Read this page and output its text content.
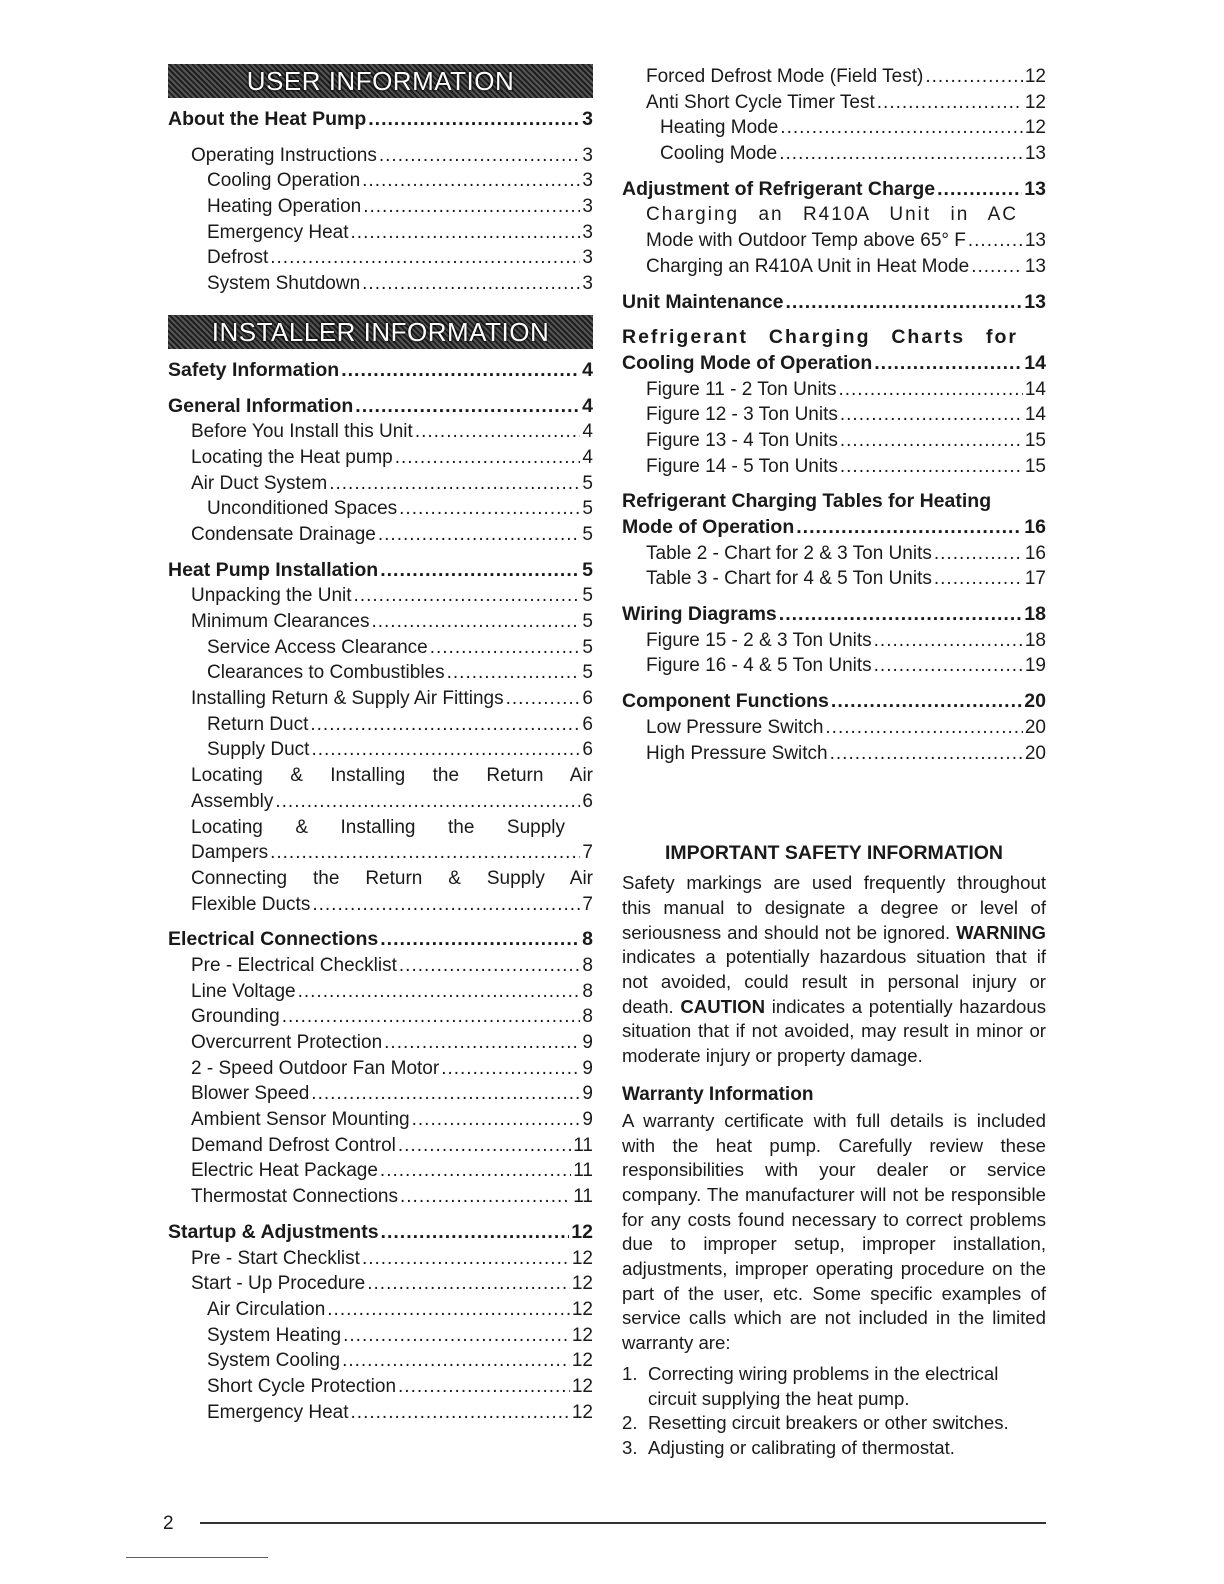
USER INFORMATION
About the Heat Pump .....	3
Operating Instructions .....	3
Cooling Operation .....	3
Heating Operation .....	3
Emergency Heat .....	3
Defrost .....	3
System Shutdown .....	3
INSTALLER INFORMATION
Safety Information .....	4
General Information .....	4
Before You Install this Unit .....	4
Locating the Heat pump .....	4
Air Duct System .....	5
Unconditioned Spaces .....	5
Condensate Drainage .....	5
Heat Pump Installation .....	5
Unpacking the Unit .....	5
Minimum Clearances .....	5
Service Access Clearance .....	5
Clearances to Combustibles .....	5
Installing Return & Supply Air Fittings .....	6
Return Duct .....	6
Supply Duct .....	6
Locating & Installing the Return Air
Assembly .....	6
Locating & Installing the Supply
Dampers .....	7
Connecting the Return & Supply Air
Flexible Ducts .....	7
Electrical Connections .....	8
Pre - Electrical Checklist .....	8
Line Voltage .....	8
Grounding .....	8
Overcurrent Protection .....	9
2 - Speed Outdoor Fan Motor .....	9
Blower Speed .....	9
Ambient Sensor Mounting .....	9
Demand Defrost Control .....	11
Electric Heat Package .....	11
Thermostat Connections .....	11
Startup & Adjustments .....	12
Pre - Start Checklist .....	12
Start - Up Procedure .....	12
Air Circulation .....	12
System Heating .....	12
System Cooling .....	12
Short Cycle Protection .....	12
Emergency Heat .....	12
Forced Defrost Mode (Field Test) .....	12
Anti Short Cycle Timer Test .....	12
Heating Mode .....	12
Cooling Mode .....	13
Adjustment of Refrigerant Charge .....	13
Charging an R410A Unit in AC
Mode with Outdoor Temp above 65° F .....	13
Charging an R410A Unit in Heat Mode .....	13
Unit Maintenance .....	13
Refrigerant Charging Charts for
Cooling Mode of Operation .....	14
Figure 11 - 2 Ton Units .....	14
Figure 12 - 3 Ton Units .....	14
Figure 13 - 4 Ton Units .....	15
Figure 14 - 5 Ton Units .....	15
Refrigerant Charging Tables for Heating
Mode of Operation .....	16
Table 2 - Chart for 2 & 3 Ton Units .....	16
Table 3 - Chart for 4 & 5 Ton Units .....	17
Wiring Diagrams .....	18
Figure 15 - 2 & 3 Ton Units .....	18
Figure 16 - 4 & 5 Ton Units .....	19
Component Functions .....	20
Low Pressure Switch .....	20
High Pressure Switch .....	20
IMPORTANT SAFETY INFORMATION

Safety markings are used frequently throughout this manual to designate a degree or level of seriousness and should not be ignored. WARNING indicates a potentially hazardous situation that if not avoided, could result in personal injury or death. CAUTION indicates a potentially hazardous situation that if not avoided, may result in minor or moderate injury or property damage.

Warranty Information

A warranty certificate with full details is included with the heat pump. Carefully review these responsibilities with your dealer or service company. The manufacturer will not be responsible for any costs found necessary to correct problems due to improper setup, improper installation, adjustments, improper operating procedure on the part of the user, etc. Some specific examples of service calls which are not included in the limited warranty are:

1. Correcting wiring problems in the electrical circuit supplying the heat pump.
2. Resetting circuit breakers or other switches.
3. Adjusting or calibrating of thermostat.
2
